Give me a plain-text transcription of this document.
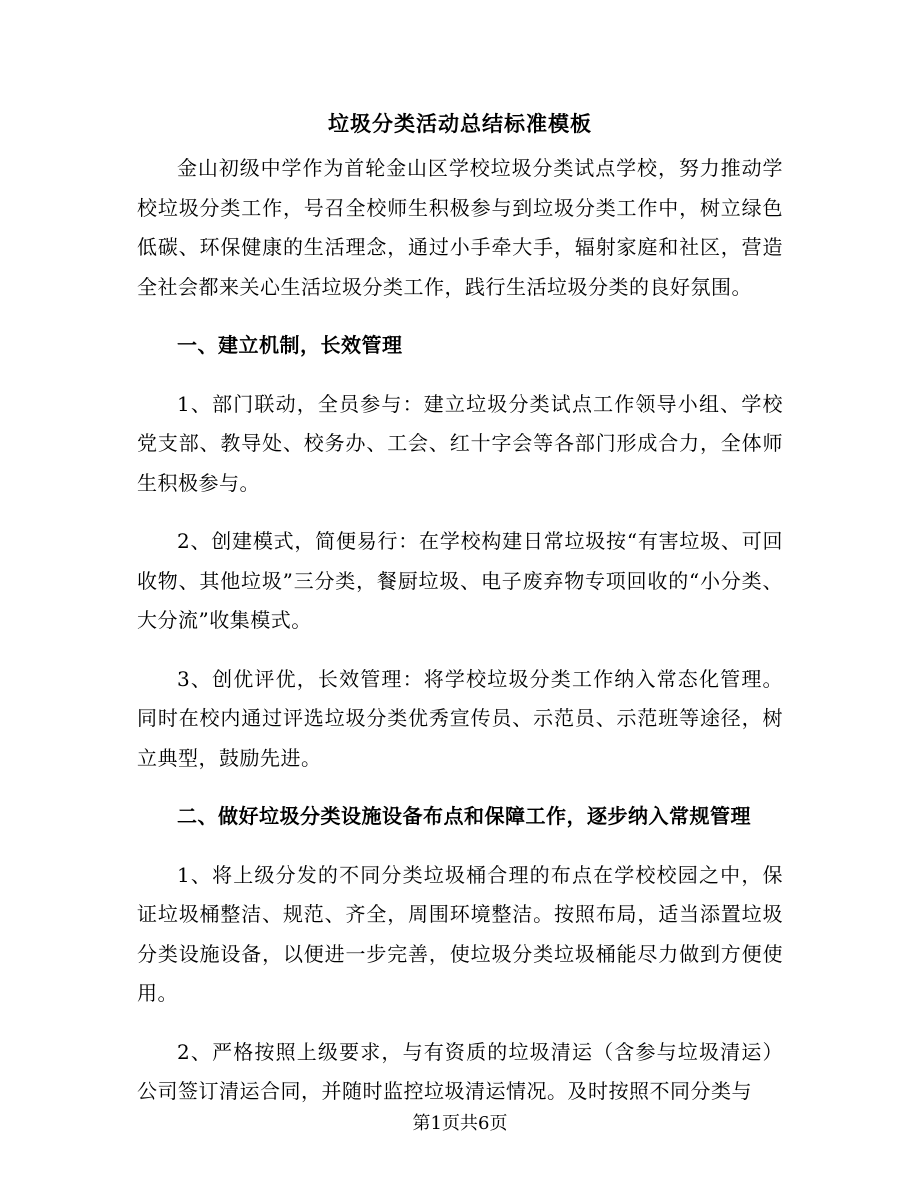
垃圾分类活动总结标准模板

金山初级中学作为首轮金山区学校垃圾分类试点学校，努力推动学校垃圾分类工作，号召全校师生积极参与到垃圾分类工作中，树立绿色低碳、环保健康的生活理念，通过小手牵大手，辐射家庭和社区，营造全社会都来关心生活垃圾分类工作，践行生活垃圾分类的良好氛围。

一、建立机制，长效管理

1、部门联动，全员参与：建立垃圾分类试点工作领导小组、学校党支部、教导处、校务办、工会、红十字会等各部门形成合力，全体师生积极参与。

2、创建模式，简便易行：在学校构建日常垃圾按“有害垃圾、可回收物、其他垃圾”三分类，餐厨垃圾、电子废弃物专项回收的“小分类、大分流”收集模式。

3、创优评优，长效管理：将学校垃圾分类工作纳入常态化管理。同时在校内通过评选垃圾分类优秀宣传员、示范员、示范班等途径，树立典型，鼓励先进。

二、做好垃圾分类设施设备布点和保障工作，逐步纳入常规管理

1、将上级分发的不同分类垃圾桶合理的布点在学校校园之中，保证垃圾桶整洁、规范、齐全，周围环境整洁。按照布局，适当添置垃圾分类设施设备，以便进一步完善，使垃圾分类垃圾桶能尽力做到方便使用。

2、严格按照上级要求，与有资质的垃圾清运（含参与垃圾清运）公司签订清运合同，并随时监控垃圾清运情况。及时按照不同分类与

第1页共6页
